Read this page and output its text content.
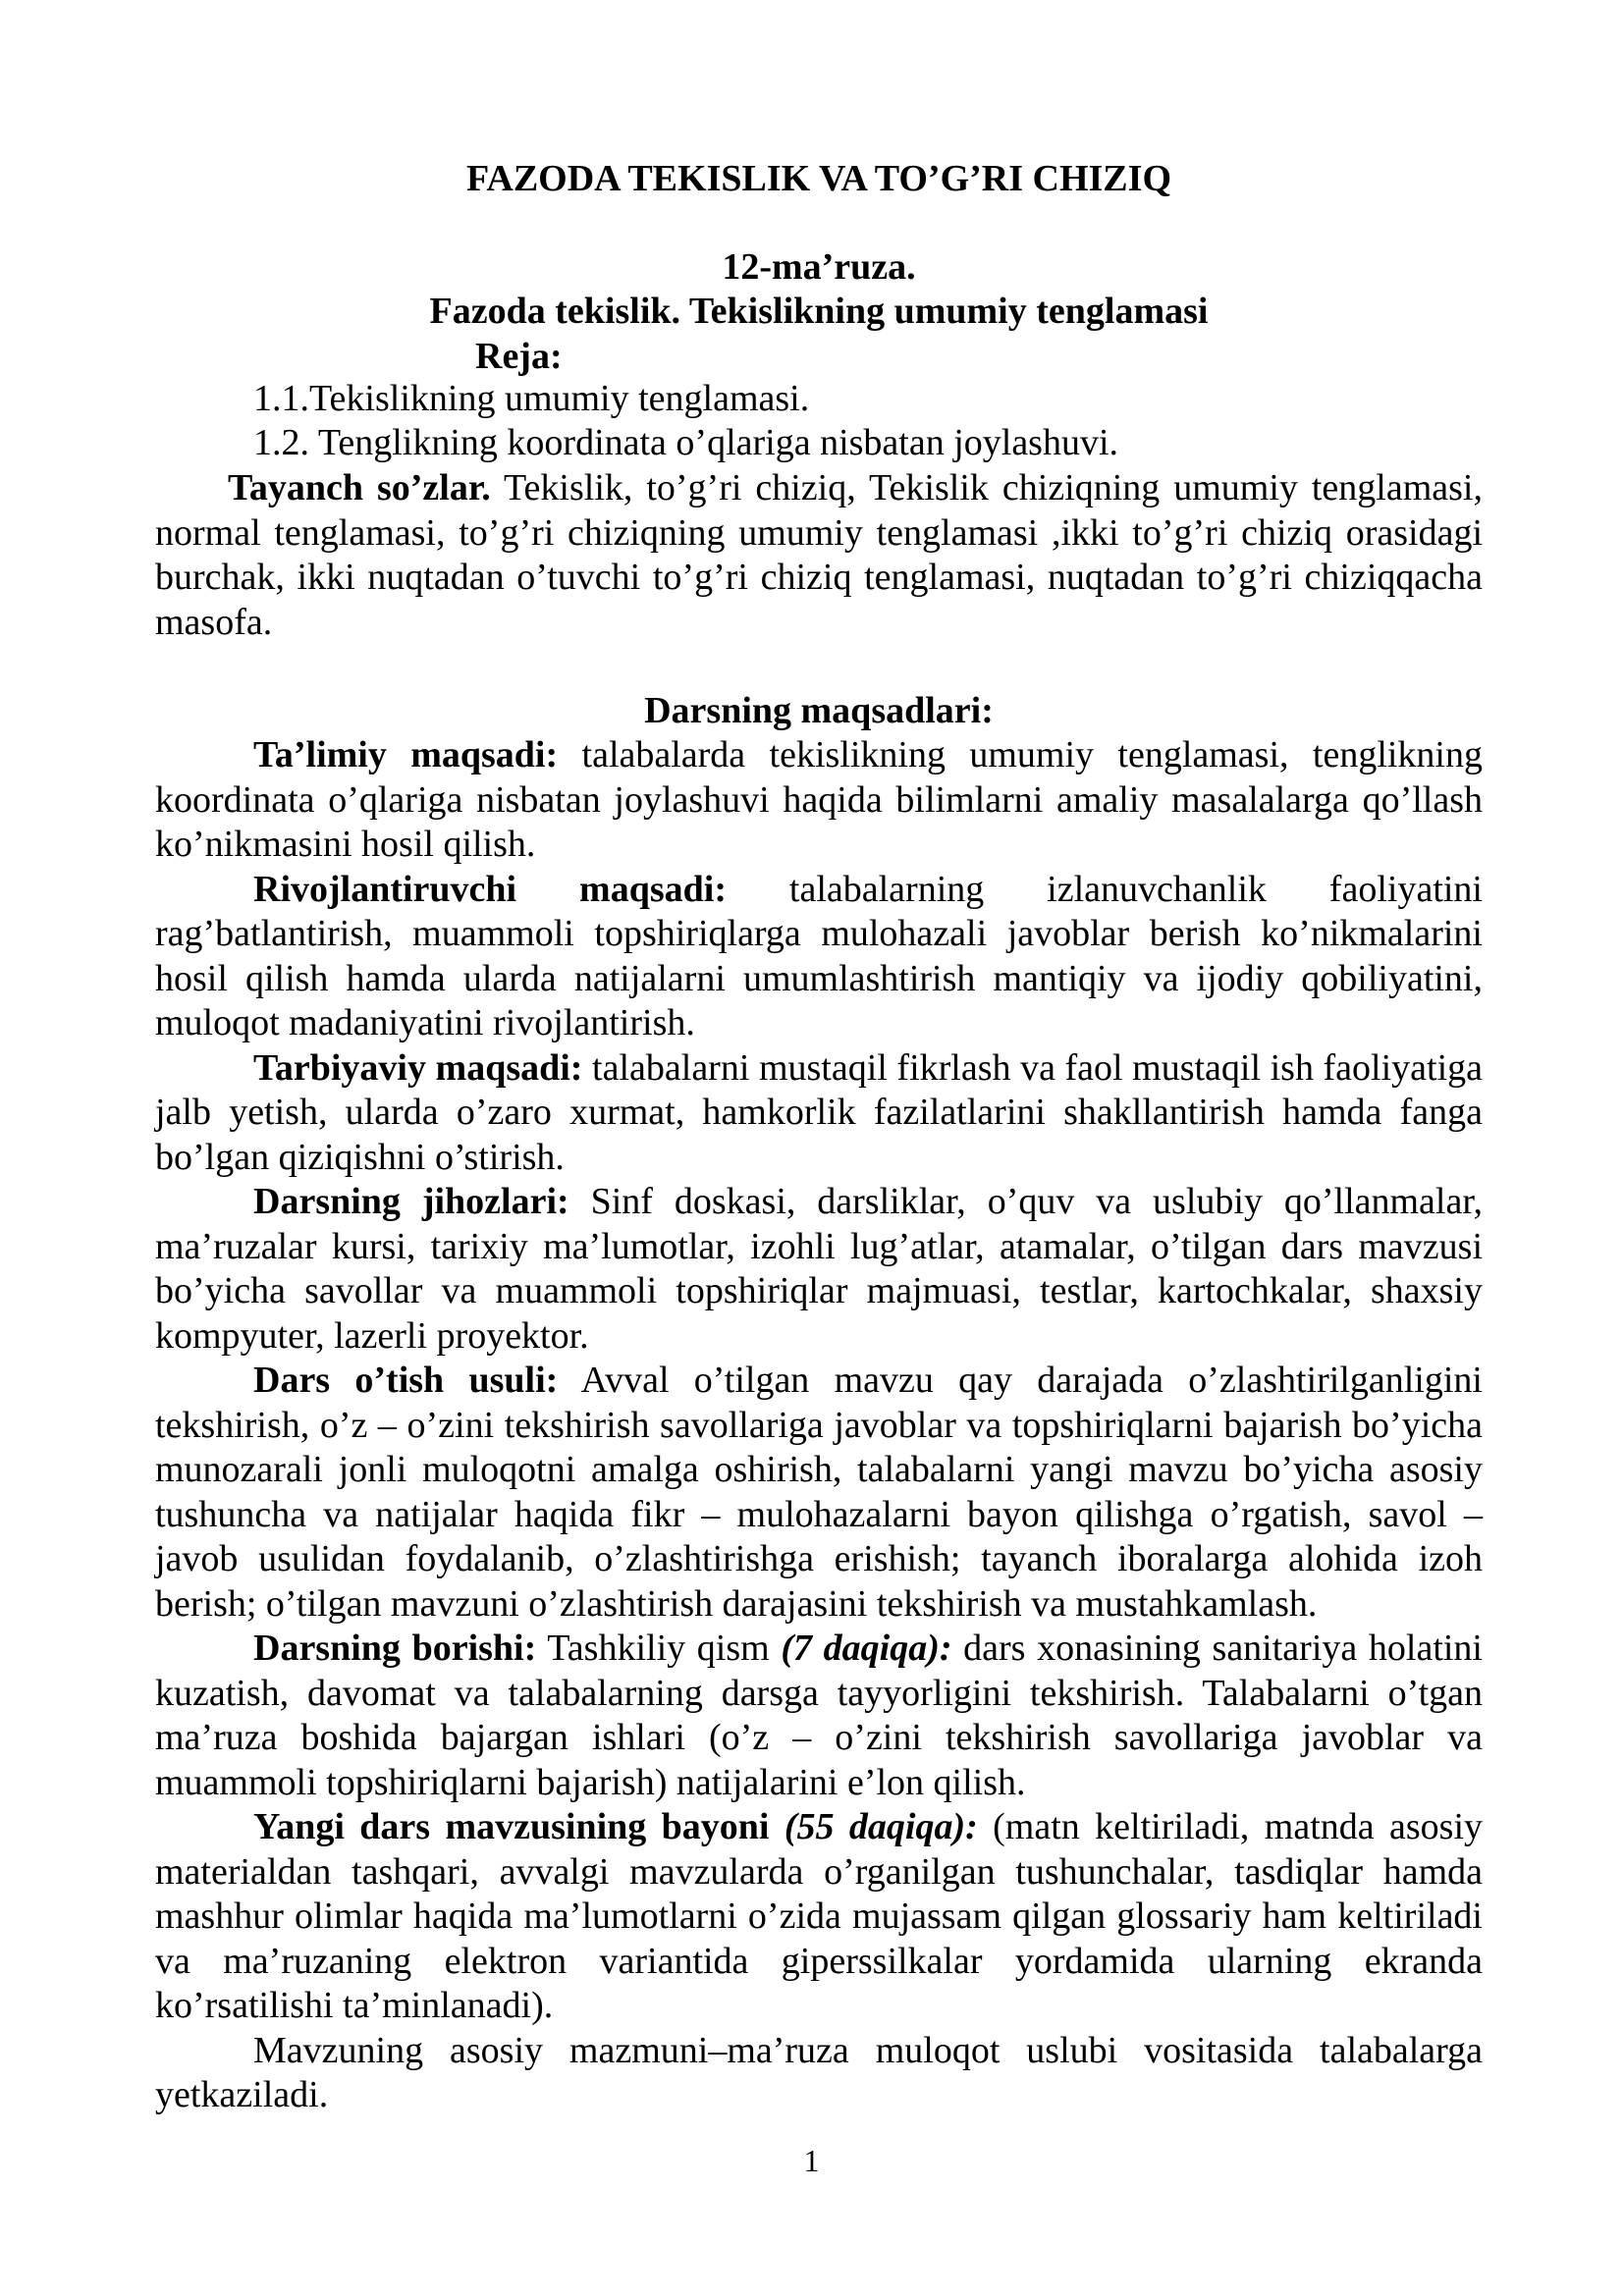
FAZODA TEKISLIK VA TO’G’RI CHIZIQ
12-ma’ruza.
Fazoda tekislik. Tekislikning umumiy tenglamasi
Reja:
1.1.Tekislikning umumiy tenglamasi.
1.2. Tenglikning koordinata o’qlariga nisbatan joylashuvi.

Tayanch so’zlar. Tekislik, to’g’ri chiziq, Tekislik chiziqning umumiy tenglamasi, normal tenglamasi, to’g’ri chiziqning umumiy tenglamasi ,ikki to’g’ri chiziq orasidagi burchak, ikki nuqtadan o’tuvchi to’g’ri chiziq tenglamasi, nuqtadan to’g’ri chiziqqacha masofa.

Darsning maqsadlari:

Ta’limiy maqsadi: talabalarda tekislikning umumiy tenglamasi, tenglikning koordinata o’qlariga nisbatan joylashuvi haqida bilimlarni amaliy masalalarga qo’llash ko’nikmasini hosil qilish.

Rivojlantiruvchi maqsadi: talabalarning izlanuvchanlik faoliyatini rag’batlantirish, muammoli topshiriqlarga mulohazali javoblar berish ko’nikmalarini hosil qilish hamda ularda natijalarni umumlashtirish mantiqiy va ijodiy qobiliyatini, muloqot madaniyatini rivojlantirish.

Tarbiyaviy maqsadi: talabalarni mustaqil fikrlash va faol mustaqil ish faoliyatiga jalb yetish, ularda o’zaro xurmat, hamkorlik fazilatlarini shakllantirish hamda fanga bo’lgan qiziqishni o’stirish.

Darsning jihozlari: Sinf doskasi, darsliklar, o’quv va uslubiy qo’llanmalar, ma’ruzalar kursi, tarixiy ma’lumotlar, izohli lug’atlar, atamalar, o’tilgan dars mavzusi bo’yicha savollar va muammoli topshiriqlar majmuasi, testlar, kartochkalar, shaxsiy kompyuter, lazerli proyektor.

Dars o’tish usuli: Avval o’tilgan mavzu qay darajada o’zlashtirilganligini tekshirish, o’z – o’zini tekshirish savollariga javoblar va topshiriqlarni bajarish bo’yicha munozarali jonli muloqotni amalga oshirish, talabalarni yangi mavzu bo’yicha asosiy tushuncha va natijalar haqida fikr – mulohazalarni bayon qilishga o’rgatish, savol – javob usulidan foydalanib, o’zlashtirishga erishish; tayanch iboralarga alohida izoh berish; o’tilgan mavzuni o’zlashtirish darajasini tekshirish va mustahkamlash.

Darsning borishi: Tashkiliy qism (7 daqiqa): dars xonasining sanitariya holatini kuzatish, davomat va talabalarning darsga tayyorligini tekshirish. Talabalarni o’tgan ma’ruza boshida bajargan ishlari (o’z – o’zini tekshirish savollariga javoblar va muammoli topshiriqlarni bajarish) natijalarini e’lon qilish.

Yangi dars mavzusining bayoni (55 daqiqa): (matn keltiriladi, matnda asosiy materialdan tashqari, avvalgi mavzularda o’rganilgan tushunchalar, tasdiqlar hamda mashhur olimlar haqida ma’lumotlarni o’zida mujassam qilgan glossariy ham keltiriladi va ma’ruzaning elektron variantida giperssilkalar yordamida ularning ekranda ko’rsatilishi ta’minlanadi).

Mavzuning asosiy mazmuni–ma’ruza muloqot uslubi vositasida talabalarga yetkaziladi.

1
